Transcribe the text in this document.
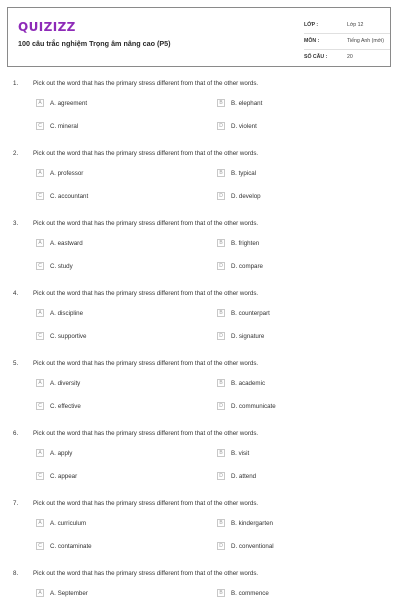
QUIZIZZ
100 câu trắc nghiệm Trọng âm nâng cao (P5)
LỚP :	Lớp 12
MÔN :	Tiếng Anh (mới)
SỐ CÂU :	20
1. Pick out the word that has the primary stress different from that of the other words.
A	A. agreement	B	B. elephant
C	C. mineral	D	D. violent
2. Pick out the word that has the primary stress different from that of the other words.
A	A. professor	B	B. typical
C	C. accountant	D	D. develop
3. Pick out the word that has the primary stress different from that of the other words.
A	A. eastward	B	B. frighten
C	C. study	D	D. compare
4. Pick out the word that has the primary stress different from that of the other words.
A	A. discipline	B	B. counterpart
C	C. supportive	D	D. signature
5. Pick out the word that has the primary stress different from that of the other words.
A	A. diversity	B	B. academic
C	C. effective	D	D. communicate
6. Pick out the word that has the primary stress different from that of the other words.
A	A. apply	B	B. visit
C	C. appear	D	D. attend
7. Pick out the word that has the primary stress different from that of the other words.
A	A. curriculum	B	B. kindergarten
C	C. contaminate	D	D. conventional
8. Pick out the word that has the primary stress different from that of the other words.
A	A. September	B	B. commence
